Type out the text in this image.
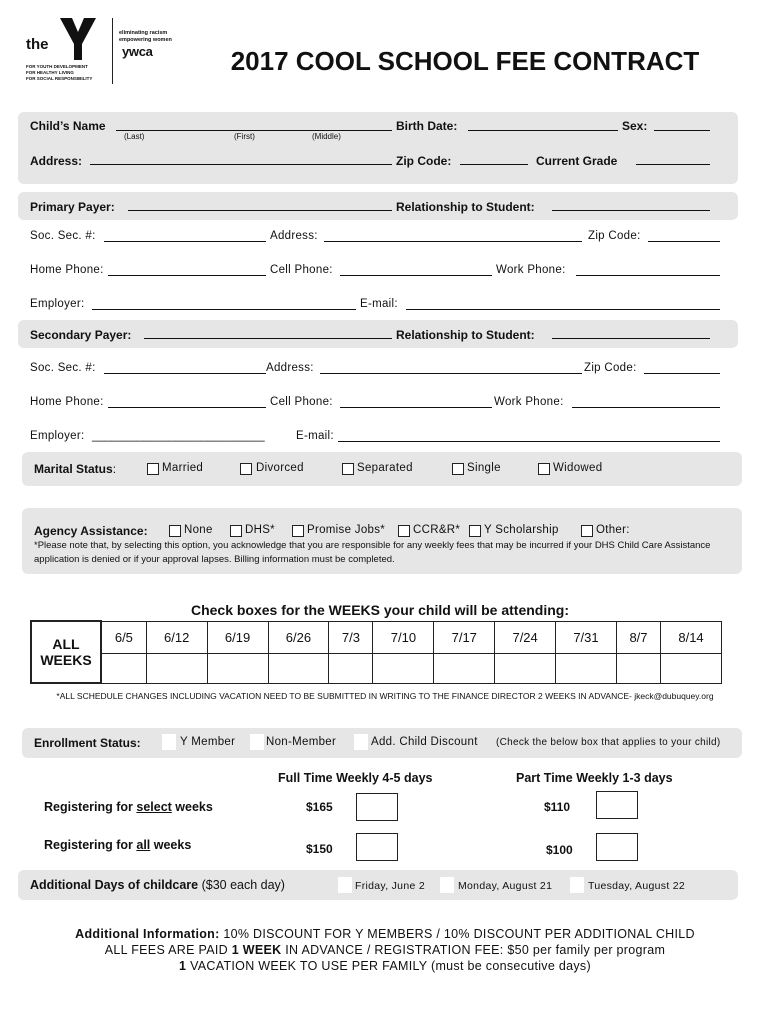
the
FOR YOUTH DEVELOPMENT
FOR HEALTHY LIVING
FOR SOCIAL RESPONSIBILITY
eliminating racism
empowering women
ywca	2017 COOL SCHOOL FEE CONTRACT
Child’s Name
(Last)	(First)	(Middle)
Birth Date:	Sex:
Address:	Zip Code:	Current Grade
Primary Payer:	Relationship to Student:
Soc. Sec. #:	Address:	Zip Code:
Home Phone:	Cell Phone:	Work Phone:
Employer:	E-mail:
Secondary Payer:	Relationship to Student:
Soc. Sec. #:	Address:	Zip Code:
Home Phone:	Cell Phone:	Work Phone:
Employer: ___________________________	E-mail:
Marital Status:	Married	Divorced	Separated	Single	Widowed
Agency Assistance:	None	DHS*	Promise Jobs* CCR&R* Y Scholarship	Other:
*Please note that, by selecting this option, you acknowledge that you are responsible for any weekly fees that may be incurred if your DHS Child Care Assistance application is denied or if your approval lapses. Billing information must be completed.
Check boxes for the WEEKS your child will be attending:
ALL WEEKS	6/5	6/12	6/19	6/26	7/3	7/10	7/17	7/24	7/31	8/7	8/14

*ALL SCHEDULE CHANGES INCLUDING VACATION NEED TO BE SUBMITTED IN WRITING TO THE FINANCE DIRECTOR 2 WEEKS IN ADVANCE- jkeck@dubuquey.org
Enrollment Status:	Y Member	Non-Member	Add. Child Discount (Check the below box that applies to your child)
Full Time Weekly 4-5 days	Part Time Weekly 1-3 days
Registering for select weeks	$165	$110
Registering for all weeks	$150	$100
Additional Days of childcare ($30 each day)	Friday, June 2	Monday, August 21	Tuesday, August 22
Additional Information: 10% DISCOUNT FOR Y MEMBERS / 10% DISCOUNT PER ADDITIONAL CHILD
ALL FEES ARE PAID 1 WEEK IN ADVANCE / REGISTRATION FEE: $50 per family per program
1 VACATION WEEK TO USE PER FAMILY (must be consecutive days)
